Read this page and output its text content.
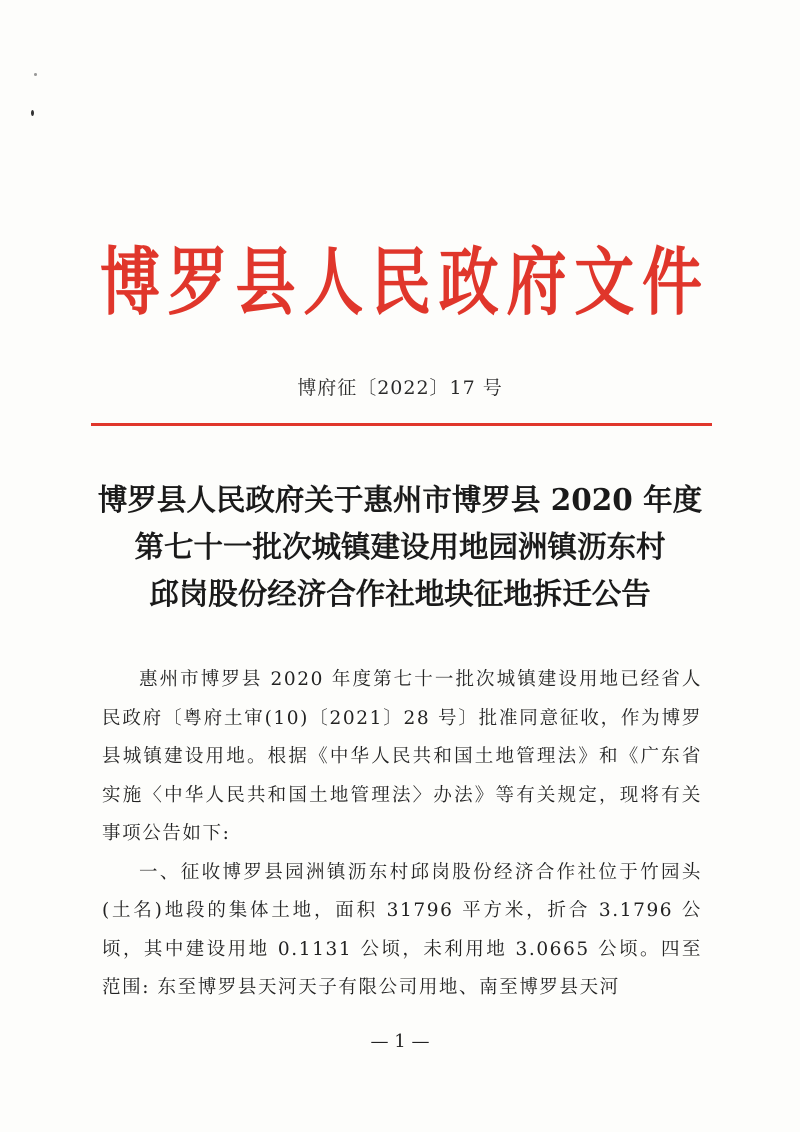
博 罗 县 人 民 政 府 文 件
博府征〔2022〕17 号
博罗县人民政府关于惠州市博罗县 2020 年度
第七十一批次城镇建设用地园洲镇沥东村
邱岗股份经济合作社地块征地拆迁公告

惠州市博罗县 2020 年度第七十一批次城镇建设用地已经省人民政府〔粤府土审(10)〔2021〕28 号〕批准同意征收，作为博罗县城镇建设用地。根据《中华人民共和国土地管理法》和《广东省实施〈中华人民共和国土地管理法〉办法》等有关规定，现将有关事项公告如下:

一、征收博罗县园洲镇沥东村邱岗股份经济合作社位于竹园头(土名)地段的集体土地，面积 31796 平方米，折合 3.1796 公顷，其中建设用地 0.1131 公顷，未利用地 3.0665 公顷。四至范围: 东至博罗县天河天子有限公司用地、南至博罗县天河

— 1 —
